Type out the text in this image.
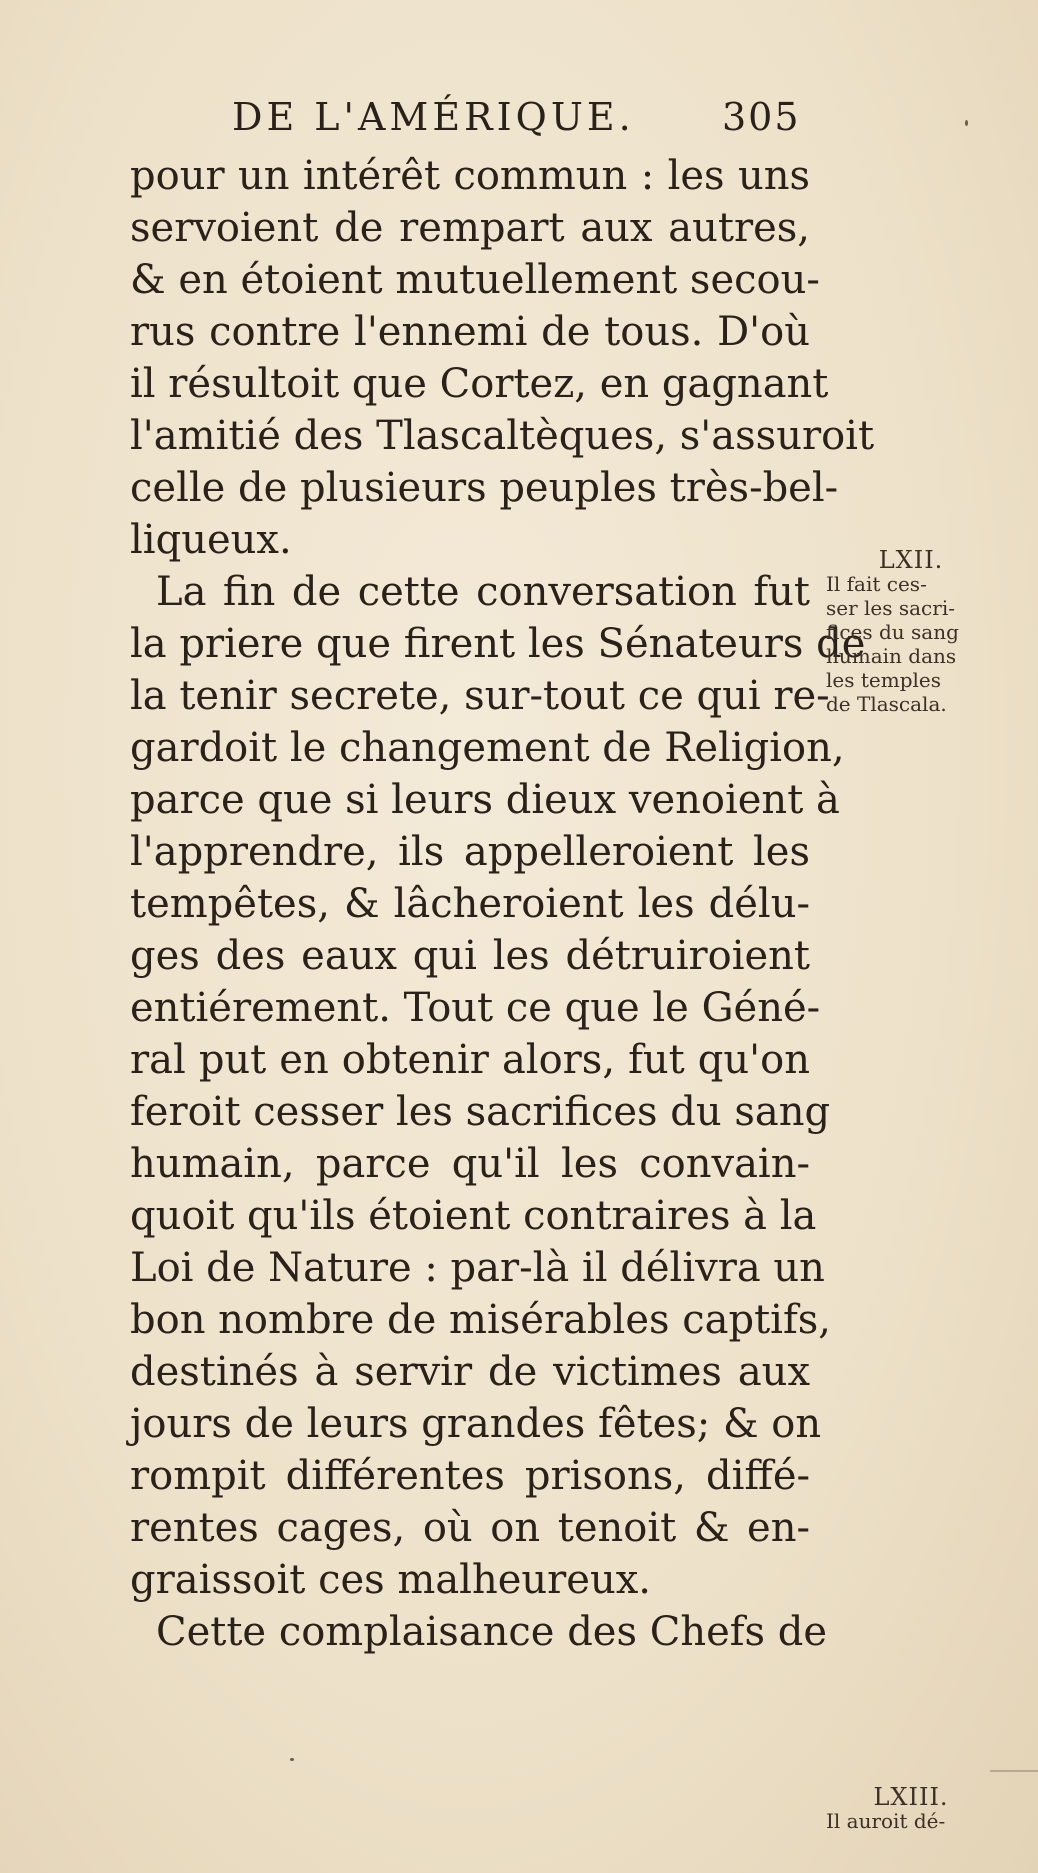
DE L'AMÉRIQUE. 305
pour un intérêt commun : les uns
servoient de rempart aux autres,
& en étoient mutuellement secou-
rus contre l'ennemi de tous. D'où
il résultoit que Cortez, en gagnant
l'amitié des Tlascaltèques, s'assuroit
celle de plusieurs peuples très-bel-
liqueux.
La fin de cette conversation fut
la priere que firent les Sénateurs de
la tenir secrete, sur-tout ce qui re-
gardoit le changement de Religion,
parce que si leurs dieux venoient à
l'apprendre, ils appelleroient les
tempêtes, & lâcheroient les délu-
ges des eaux qui les détruiroient
entiérement. Tout ce que le Géné-
ral put en obtenir alors, fut qu'on
feroit cesser les sacrifices du sang
humain, parce qu'il les convain-
quoit qu'ils étoient contraires à la
Loi de Nature : par-là il délivra un
bon nombre de misérables captifs,
destinés à servir de victimes aux
jours de leurs grandes fêtes; & on
rompit différentes prisons, diffé-
rentes cages, où on tenoit & en-
graissoit ces malheureux.
Cette complaisance des Chefs de
LXII.
Il fait ces-
ser les sacri-
fices du sang
humain dans
les temples
de Tlascala.
LXIII.
Il auroit dé-
